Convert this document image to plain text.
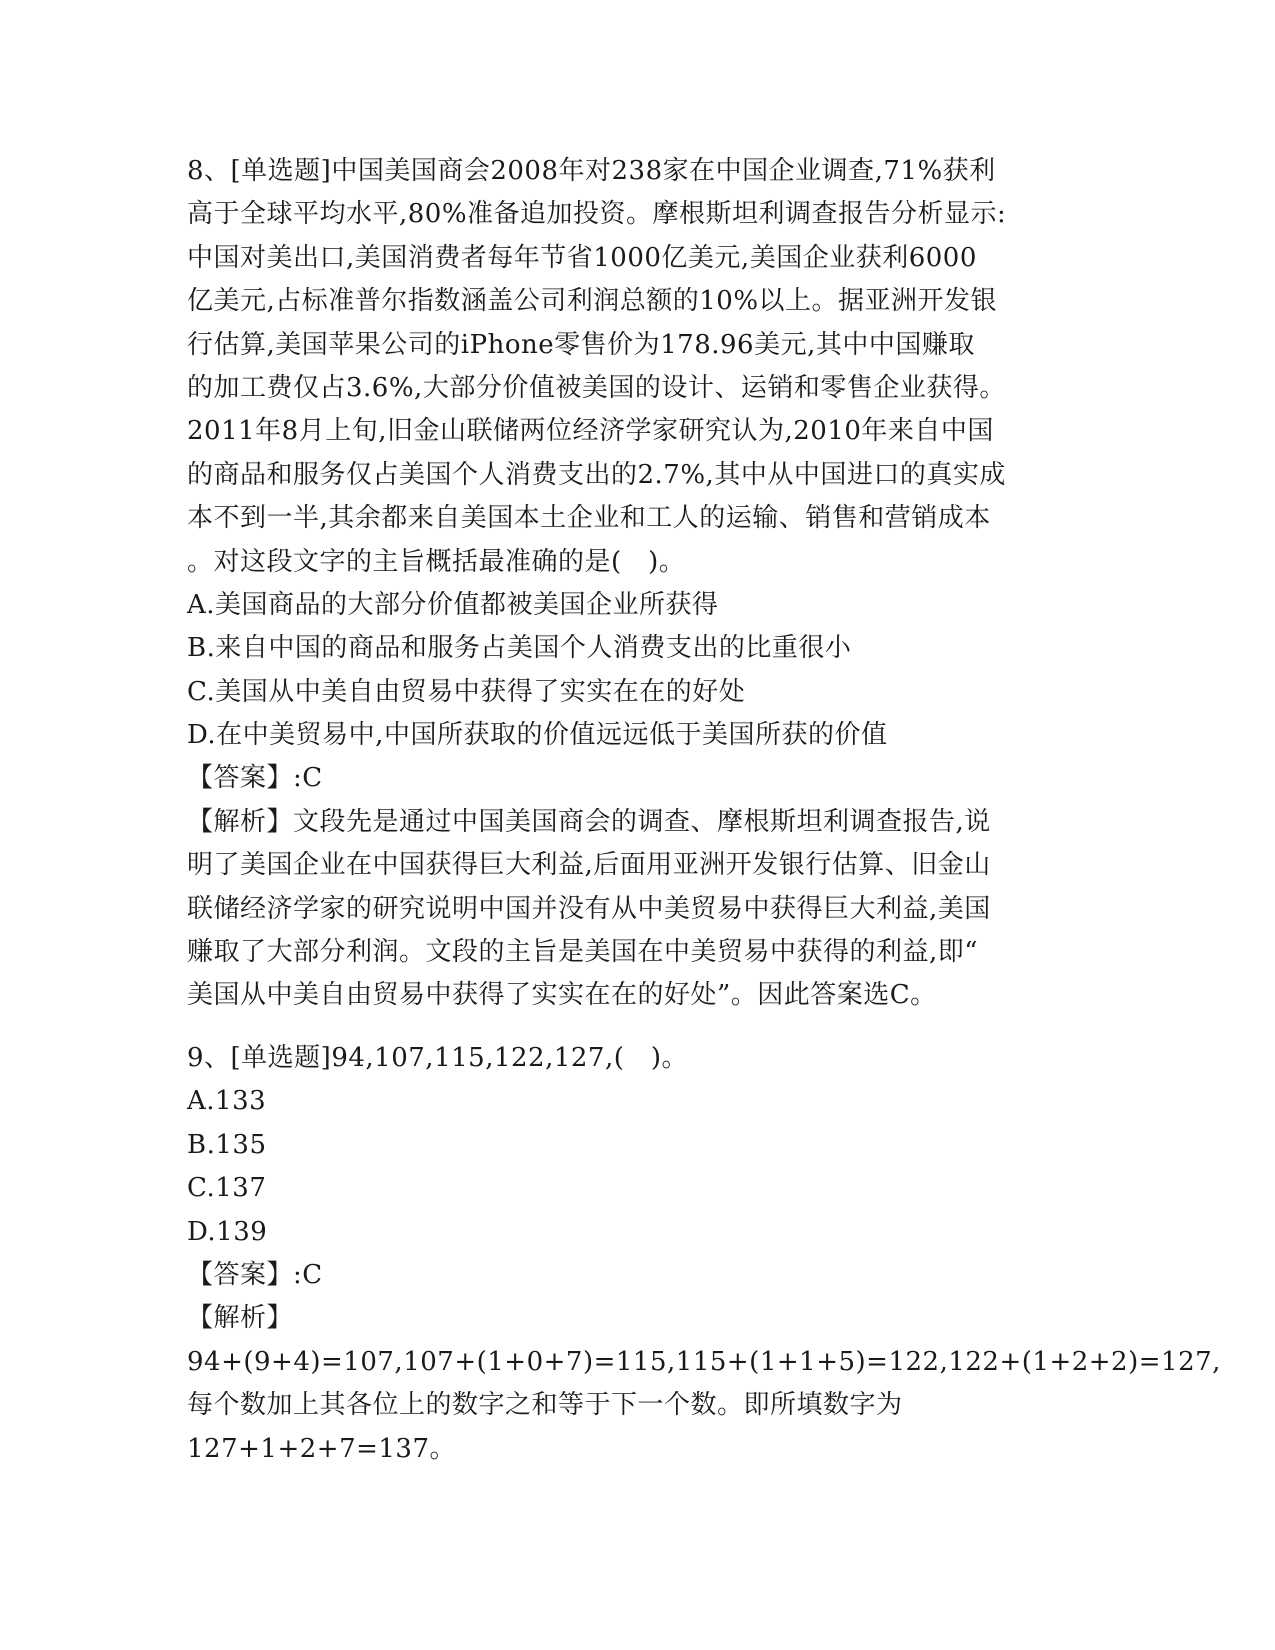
8、[单选题]中国美国商会2008年对238家在中国企业调查,71%获利
高于全球平均水平,80%准备追加投资。摩根斯坦利调查报告分析显示:
中国对美出口,美国消费者每年节省1000亿美元,美国企业获利6000
亿美元,占标准普尔指数涵盖公司利润总额的10%以上。据亚洲开发银
行估算,美国苹果公司的iPhone零售价为178.96美元,其中中国赚取
的加工费仅占3.6%,大部分价值被美国的设计、运销和零售企业获得。
2011年8月上旬,旧金山联储两位经济学家研究认为,2010年来自中国
的商品和服务仅占美国个人消费支出的2.7%,其中从中国进口的真实成
本不到一半,其余都来自美国本土企业和工人的运输、销售和营销成本
。对这段文字的主旨概括最准确的是(　)。
A.美国商品的大部分价值都被美国企业所获得
B.来自中国的商品和服务占美国个人消费支出的比重很小
C.美国从中美自由贸易中获得了实实在在的好处
D.在中美贸易中,中国所获取的价值远远低于美国所获的价值
【答案】:C
【解析】文段先是通过中国美国商会的调查、摩根斯坦利调查报告,说
明了美国企业在中国获得巨大利益,后面用亚洲开发银行估算、旧金山
联储经济学家的研究说明中国并没有从中美贸易中获得巨大利益,美国
赚取了大部分利润。文段的主旨是美国在中美贸易中获得的利益,即“
美国从中美自由贸易中获得了实实在在的好处”。因此答案选C。
9、[单选题]94,107,115,122,127,(　)。
A.133
B.135
C.137
D.139
【答案】:C
【解析】
94+(9+4)=107,107+(1+0+7)=115,115+(1+1+5)=122,122+(1+2+2)=127,
每个数加上其各位上的数字之和等于下一个数。即所填数字为
127+1+2+7=137。
